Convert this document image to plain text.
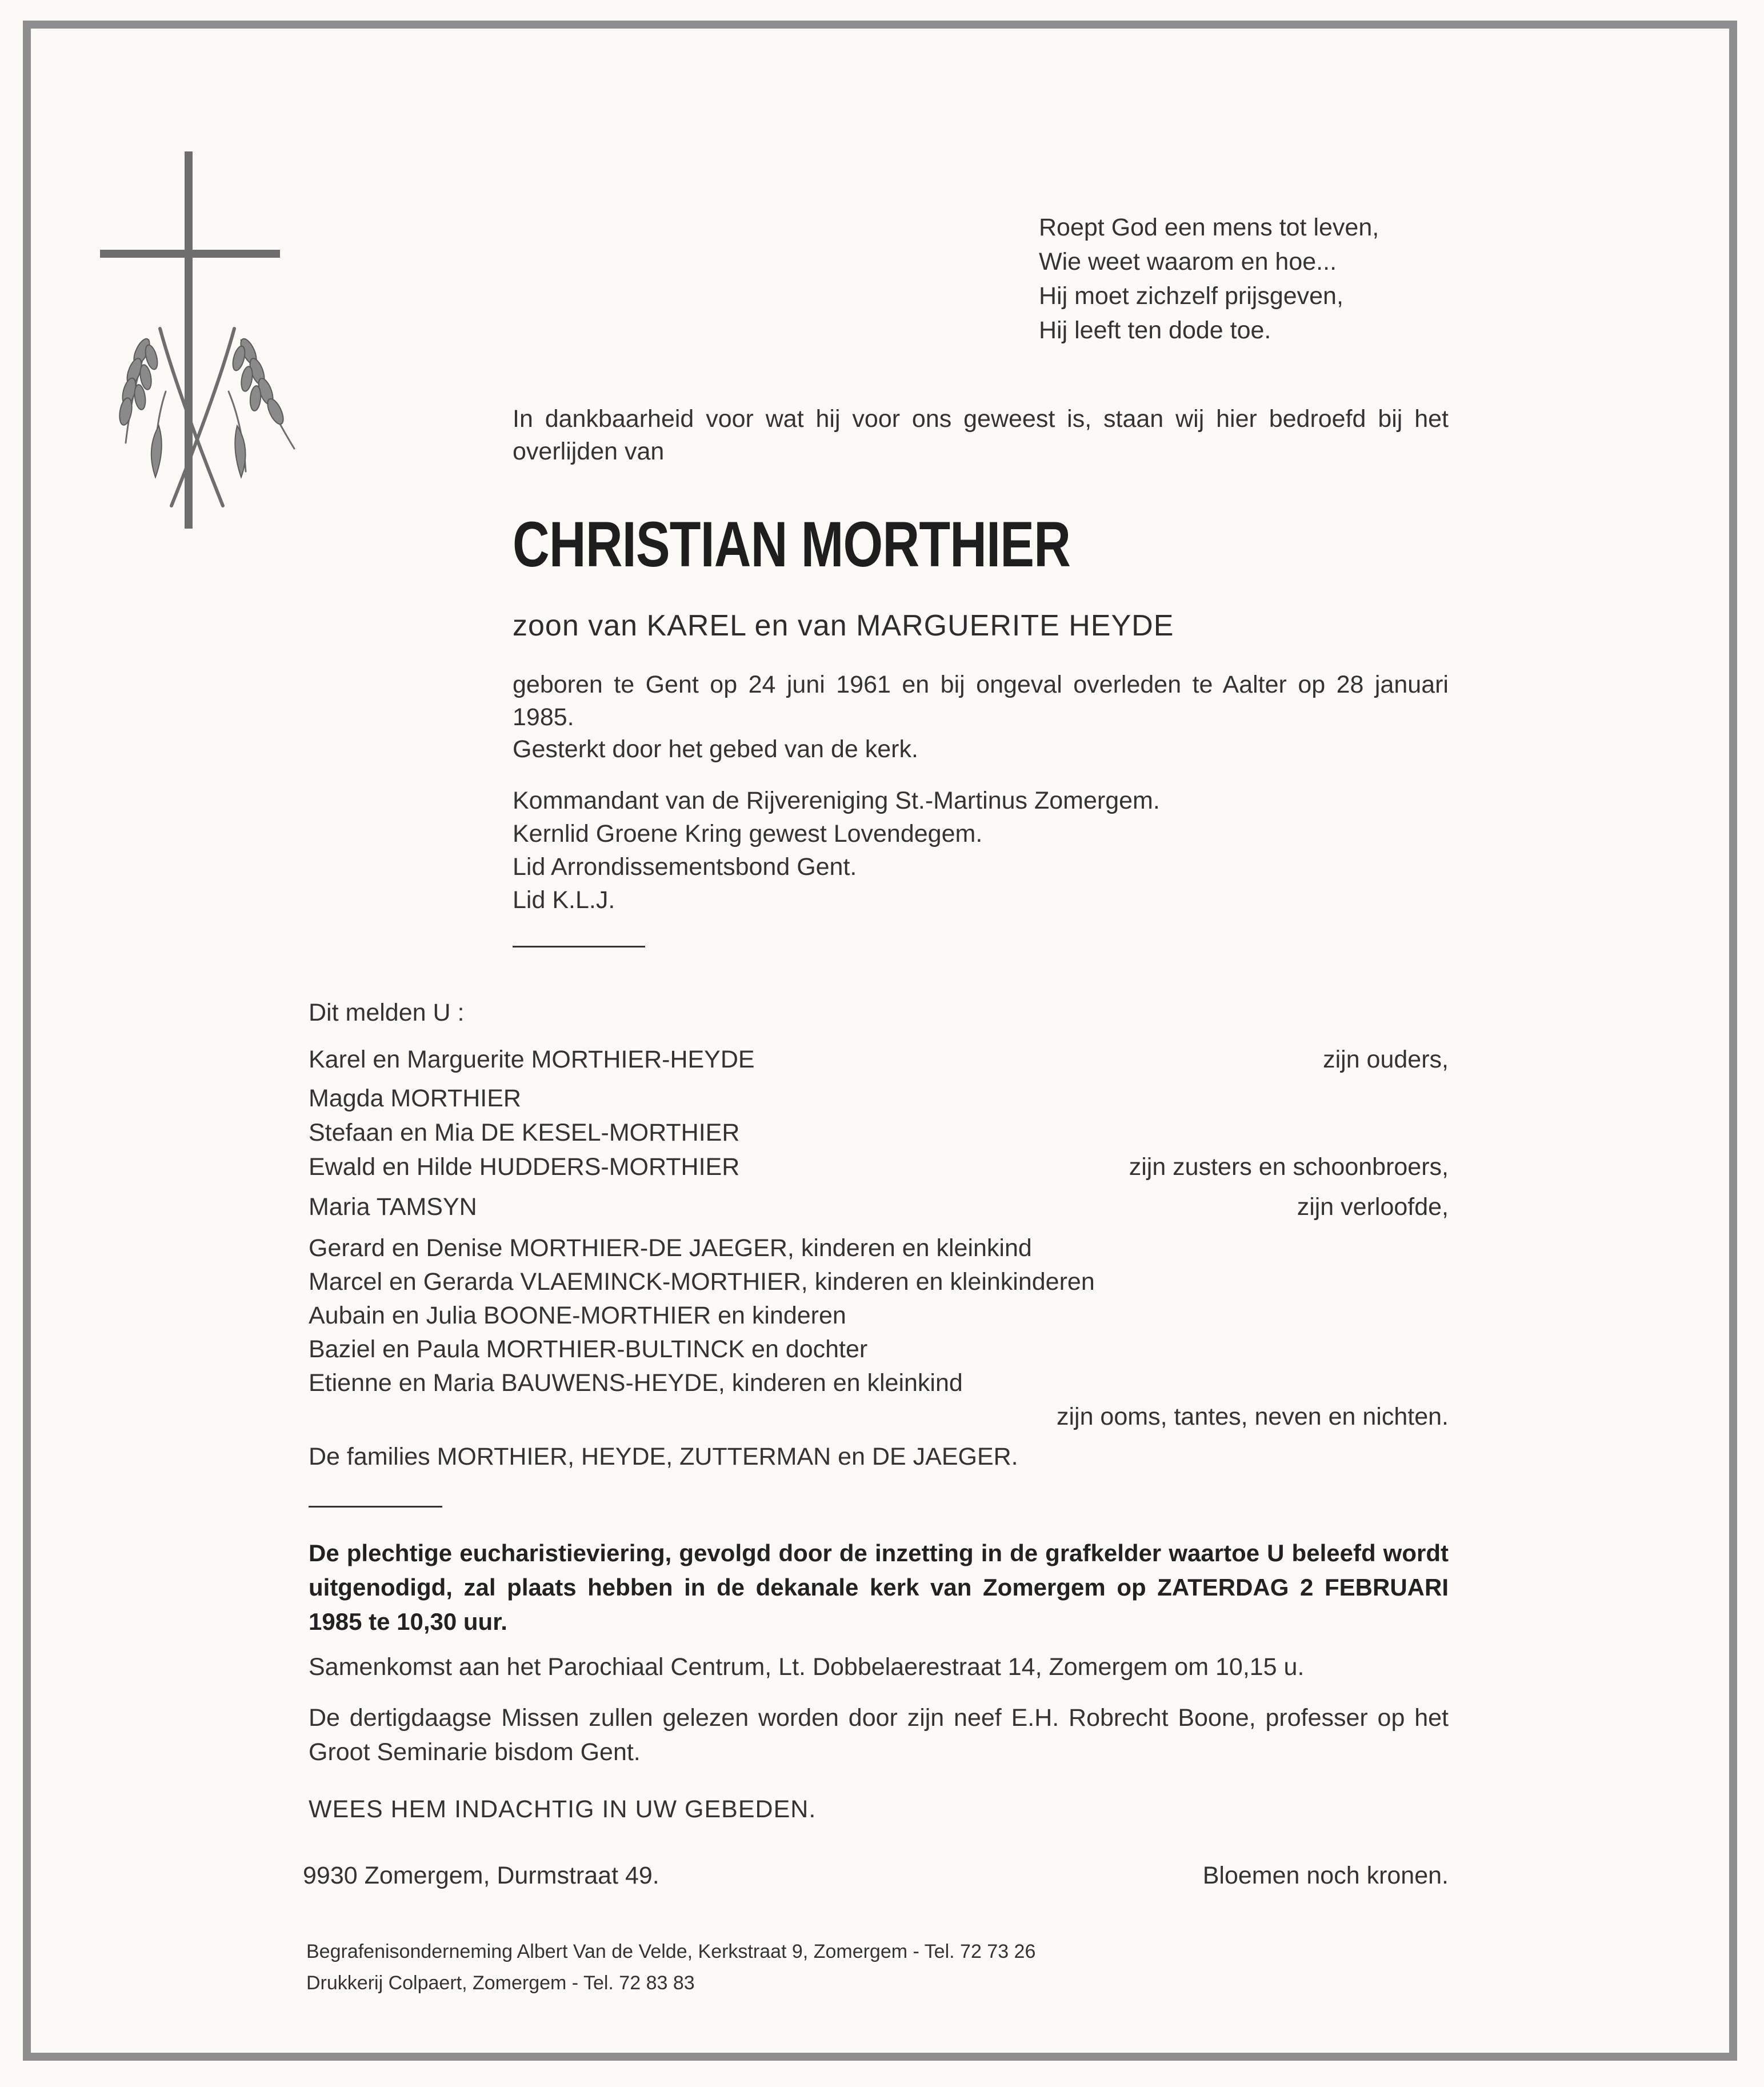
Roept God een mens tot leven,
Wie weet waarom en hoe...
Hij moet zichzelf prijsgeven,
Hij leeft ten dode toe.
In dankbaarheid voor wat hij voor ons geweest is, staan wij hier bedroefd bij het overlijden van
CHRISTIAN MORTHIER
zoon van KAREL en van MARGUERITE HEYDE
geboren te Gent op 24 juni 1961 en bij ongeval overleden te Aalter op 28 januari 1985.
Gesterkt door het gebed van de kerk.
Kommandant van de Rijvereniging St.-Martinus Zomergem.
Kernlid Groene Kring gewest Lovendegem.
Lid Arrondissementsbond Gent.
Lid K.L.J.
Dit melden U :
Karel en Marguerite MORTHIER-HEYDE	zijn ouders,
Magda MORTHIER
Stefaan en Mia DE KESEL-MORTHIER
Ewald en Hilde HUDDERS-MORTHIER	zijn zusters en schoonbroers,
Maria TAMSYN	zijn verloofde,
Gerard en Denise MORTHIER-DE JAEGER, kinderen en kleinkind
Marcel en Gerarda VLAEMINCK-MORTHIER, kinderen en kleinkinderen
Aubain en Julia BOONE-MORTHIER en kinderen
Baziel en Paula MORTHIER-BULTINCK en dochter
Etienne en Maria BAUWENS-HEYDE, kinderen en kleinkind
zijn ooms, tantes, neven en nichten.
De families MORTHIER, HEYDE, ZUTTERMAN en DE JAEGER.
De plechtige eucharistieviering, gevolgd door de inzetting in de grafkelder waartoe U beleefd wordt uitgenodigd, zal plaats hebben in de dekanale kerk van Zomergem op ZATERDAG 2 FEBRUARI 1985 te 10,30 uur.
Samenkomst aan het Parochiaal Centrum, Lt. Dobbelaerestraat 14, Zomergem om 10,15 u.
De dertigdaagse Missen zullen gelezen worden door zijn neef E.H. Robrecht Boone, professer op het Groot Seminarie bisdom Gent.
WEES HEM INDACHTIG IN UW GEBEDEN.
9930 Zomergem, Durmstraat 49.	Bloemen noch kronen.
Begrafenisonderneming Albert Van de Velde, Kerkstraat 9, Zomergem - Tel. 72 73 26
Drukkerij Colpaert, Zomergem - Tel. 72 83 83
